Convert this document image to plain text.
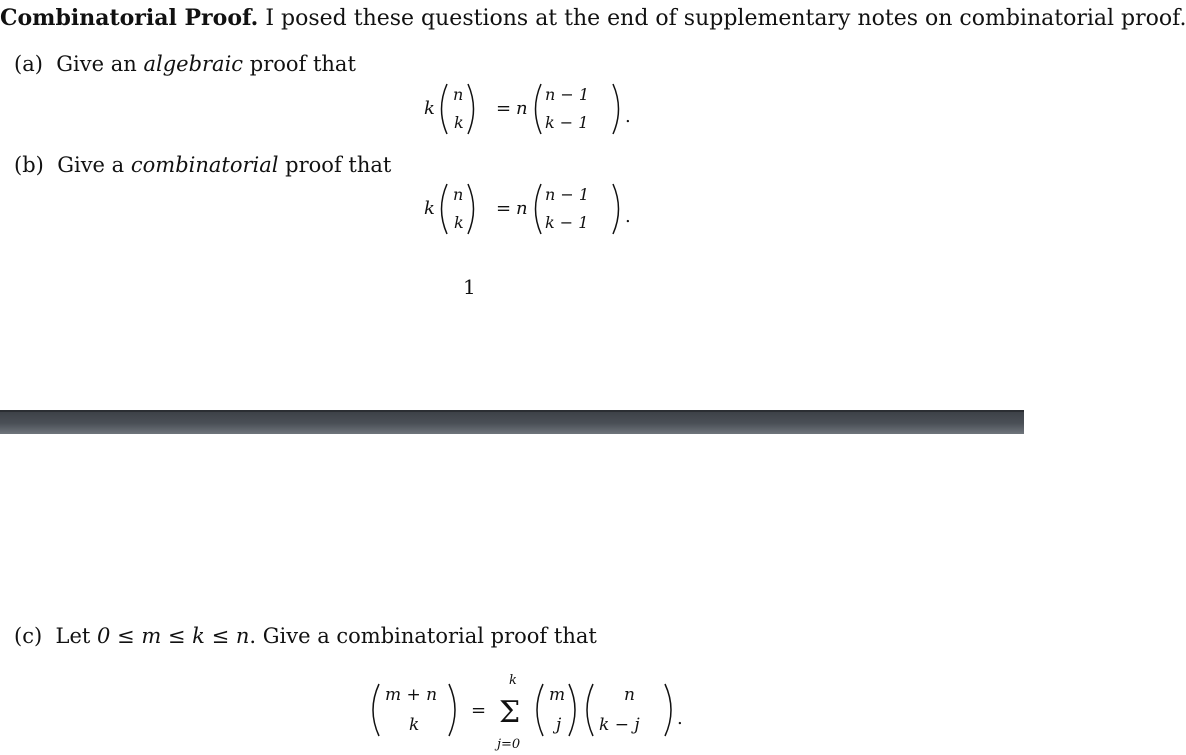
Combinatorial Proof. I posed these questions at the end of supplementary notes on combinatorial proof.
(a) Give an algebraic proof that
k
n
k
= n
n − 1
k − 1 .
(b) Give a combinatorial proof that
k
n
k
= n
n − 1
k − 1 .
1
(c) Let 0 ≤ m ≤ k ≤ n. Give a combinatorial proof that
m + n
k
=
k
Σ
j=0
m
j
n
k − j .
